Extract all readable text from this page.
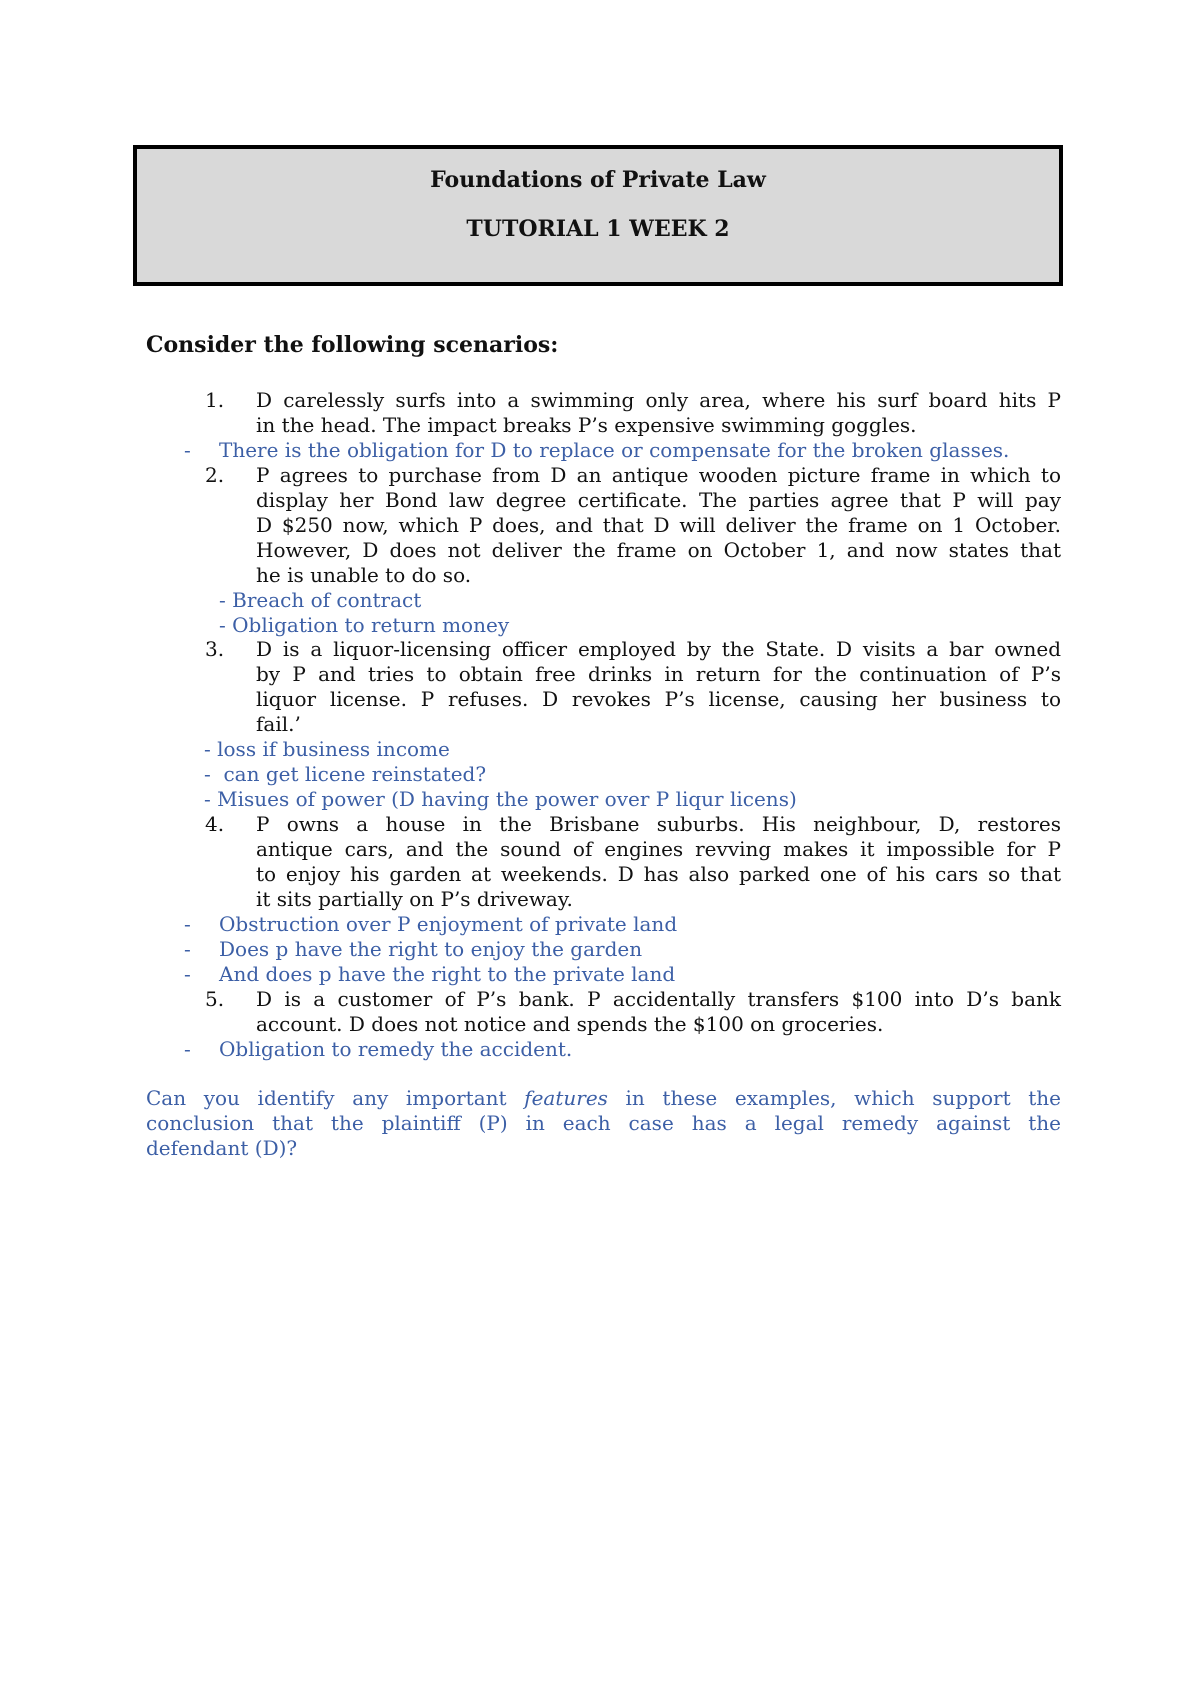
Foundations of Private Law
TUTORIAL 1 WEEK 2
Consider the following scenarios:
1. D carelessly surfs into a swimming only area, where his surf board hits P
in the head. The impact breaks P’s expensive swimming goggles.
- There is the obligation for D to replace or compensate for the broken glasses.
2. P agrees to purchase from D an antique wooden picture frame in which to
display her Bond law degree certificate. The parties agree that P will pay
D $250 now, which P does, and that D will deliver the frame on 1 October.
However, D does not deliver the frame on October 1, and now states that
he is unable to do so.
- Breach of contract
- Obligation to return money
3. D is a liquor-licensing officer employed by the State. D visits a bar owned
by P and tries to obtain free drinks in return for the continuation of P’s
liquor license. P refuses. D revokes P’s license, causing her business to
fail.’
- loss if business income
-  can get licene reinstated?
- Misues of power (D having the power over P liqur licens)
4. P owns a house in the Brisbane suburbs. His neighbour, D, restores
antique cars, and the sound of engines revving makes it impossible for P
to enjoy his garden at weekends. D has also parked one of his cars so that
it sits partially on P’s driveway.
- Obstruction over P enjoyment of private land
- Does p have the right to enjoy the garden
- And does p have the right to the private land
5. D is a customer of P’s bank. P accidentally transfers $100 into D’s bank
account. D does not notice and spends the $100 on groceries.
- Obligation to remedy the accident.
Can you identify any important features in these examples, which support the
conclusion that the plaintiff (P) in each case has a legal remedy against the
defendant (D)?
